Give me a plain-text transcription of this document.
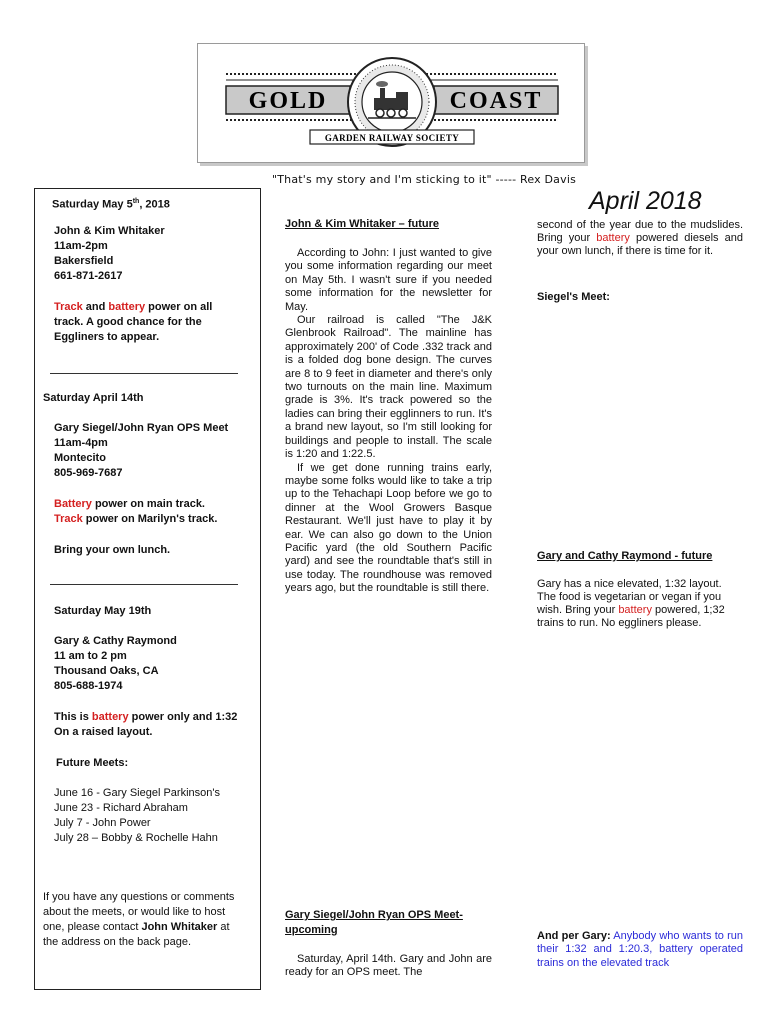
GARDEN RAILWAY SOCIETY
GOLD	COAST
"That's my story and I'm sticking to it" ----- Rex Davis
Saturday May 5th, 2018
John & Kim Whitaker
11am-2pm
Bakersfield
661-871-2617
Track and battery power on all
track. A good chance for the
Eggliners to appear.
Saturday April 14th
Gary Siegel/John Ryan OPS Meet
11am-4pm
Montecito
805-969-7687
Battery power on main track.
Track power on Marilyn's track.
Bring your own lunch.
Saturday May 19th
Gary & Cathy Raymond
11 am to 2 pm
Thousand Oaks, CA
805-688-1974
This is battery power only and 1:32
On a raised layout.
Future Meets:
June 16 - Gary Siegel Parkinson's
June 23 - Richard Abraham
July 7 - John Power
July 28 – Bobby & Rochelle Hahn
If you have any questions or comments
about the meets, or would like to host
one, please contact John Whitaker at
the address on the back page.
April 2018
John & Kim Whitaker – future

According to John: I just wanted to give you some information regarding our meet on May 5th. I wasn't sure if you needed some information for the newsletter for May.

Our railroad is called "The J&K Glenbrook Railroad". The mainline has approximately 200' of Code .332 track and is a folded dog bone design. The curves are 8 to 9 feet in diameter and there's only two turnouts on the main line. Maximum grade is 3%. It's track powered so the ladies can bring their egglinners to run. It's a brand new layout, so I'm still looking for buildings and people to install. The scale is 1:20 and 1:22.5.

If we get done running trains early, maybe some folks would like to take a trip up to the Tehachapi Loop before we go to dinner at the Wool Growers Basque Restaurant. We'll just have to play it by ear. We can also go down to the Union Pacific yard (the old Southern Pacific yard) and see the roundtable that's still in use today. The roundhouse was removed years ago, but the roundtable is still there.

Gary Siegel/John Ryan OPS Meet-
upcoming

Saturday, April 14th. Gary and John are ready for an OPS meet. The

second of the year due to the mudslides. Bring your battery powered diesels and your own lunch, if there is time for it.

Siegel's Meet:
Gary and Cathy Raymond - future

Gary has a nice elevated, 1:32 layout. The food is vegetarian or vegan if you wish. Bring your battery powered, 1;32 trains to run. No eggliners please.

And per Gary: Anybody who wants to run their 1:32 and 1:20.3, battery operated trains on the elevated track
